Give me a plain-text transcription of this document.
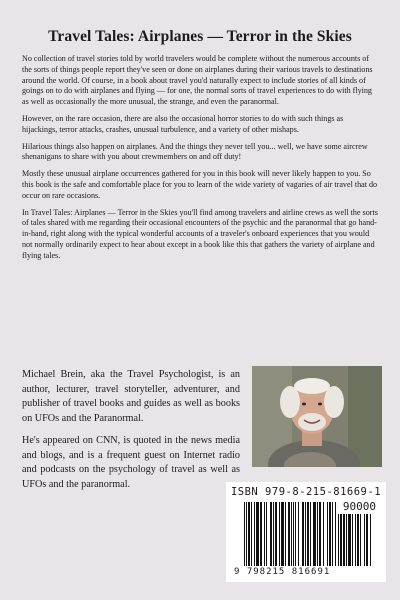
Travel Tales: Airplanes — Terror in the Skies

No collection of travel stories told by world travelers would be complete without the numerous accounts of the sorts of things people report they've seen or done on airplanes during their various travels to destinations around the world. Of course, in a book about travel you'd naturally expect to include stories of all kinds of goings on to do with airplanes and flying — for one, the normal sorts of travel experiences to do with flying as well as occasionally the more unusual, the strange, and even the paranormal.

However, on the rare occasion, there are also the occasional horror stories to do with such things as hijackings, terror attacks, crashes, unusual turbulence, and a variety of other mishaps.

Hilarious things also happen on airplanes. And the things they never tell you... well, we have some aircrew shenanigans to share with you about crewmembers on and off duty!

Mostly these unusual airplane occurrences gathered for you in this book will never likely happen to you. So this book is the safe and comfortable place for you to learn of the wide variety of vagaries of air travel that do occur on rare occasions.

In Travel Tales: Airplanes — Terror in the Skies you'll find among travelers and airline crews as well the sorts of tales shared with me regarding their occasional encounters of the psychic and the paranormal that go hand-in-hand, right along with the typical wonderful accounts of a traveler's onboard experiences that you would not normally ordinarily expect to hear about except in a book like this that gathers the variety of airplane and flying tales.

Michael Brein, aka the Travel Psychologist, is an author, lecturer, travel storyteller, adventurer, and publisher of travel books and guides as well as books on UFOs and the Paranormal.

He's appeared on CNN, is quoted in the news media and blogs, and is a frequent guest on Internet radio and podcasts on the psychology of travel as well as UFOs and the paranormal.

ISBN 979-8-215-81669-1
90000
9 798215 816691
